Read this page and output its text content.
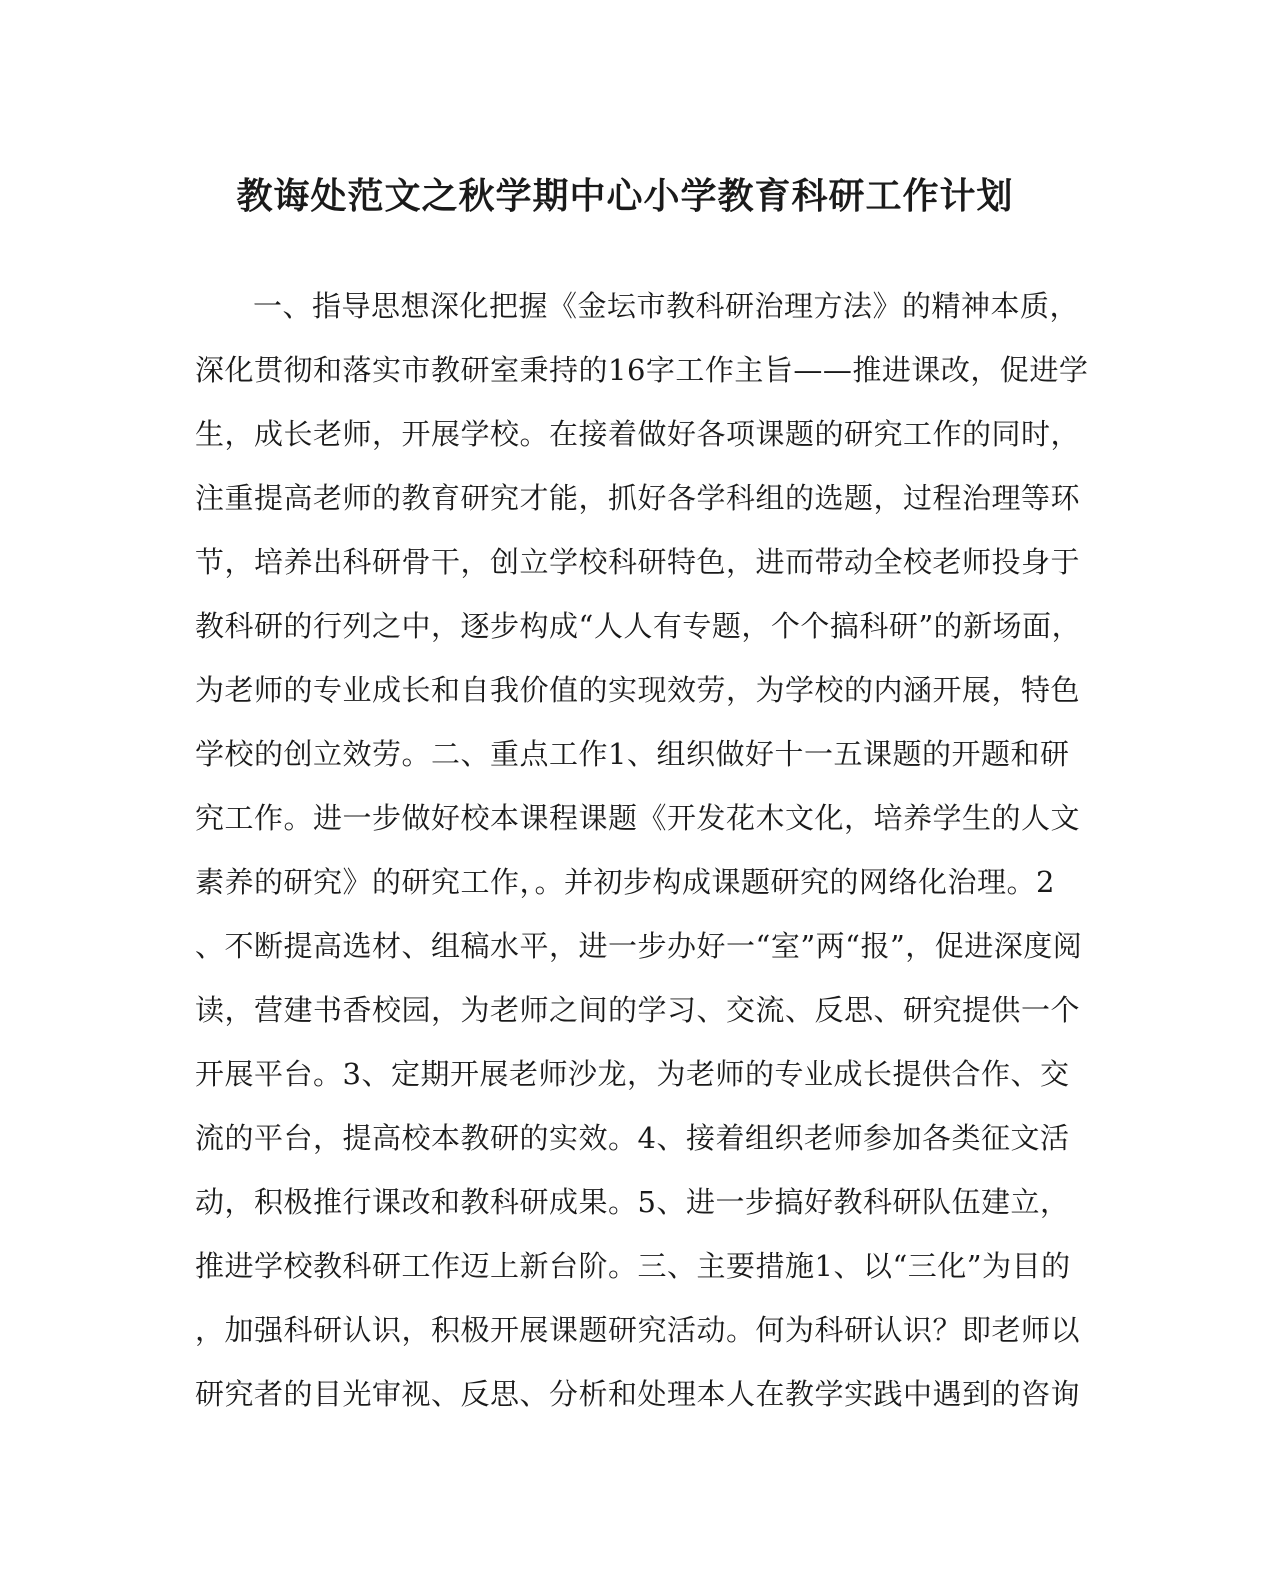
教诲处范文之秋学期中心小学教育科研工作计划
一、指导思想深化把握《金坛市教科研治理方法》的精神本质，
深化贯彻和落实市教研室秉持的16字工作主旨——推进课改，促进学
生，成长老师，开展学校。在接着做好各项课题的研究工作的同时，
注重提高老师的教育研究才能，抓好各学科组的选题，过程治理等环
节，培养出科研骨干，创立学校科研特色，进而带动全校老师投身于
教科研的行列之中，逐步构成“人人有专题，个个搞科研”的新场面，
为老师的专业成长和自我价值的实现效劳，为学校的内涵开展，特色
学校的创立效劳。二、重点工作1、组织做好十一五课题的开题和研
究工作。进一步做好校本课程课题《开发花木文化，培养学生的人文
素养的研究》的研究工作，。并初步构成课题研究的网络化治理。2
、不断提高选材、组稿水平，进一步办好一“室”两“报”，促进深度阅
读，营建书香校园，为老师之间的学习、交流、反思、研究提供一个
开展平台。3、定期开展老师沙龙，为老师的专业成长提供合作、交
流的平台，提高校本教研的实效。4、接着组织老师参加各类征文活
动，积极推行课改和教科研成果。5、进一步搞好教科研队伍建立，
推进学校教科研工作迈上新台阶。三、主要措施1、以“三化”为目的
，加强科研认识，积极开展课题研究活动。何为科研认识？即老师以
研究者的目光审视、反思、分析和处理本人在教学实践中遇到的咨询
